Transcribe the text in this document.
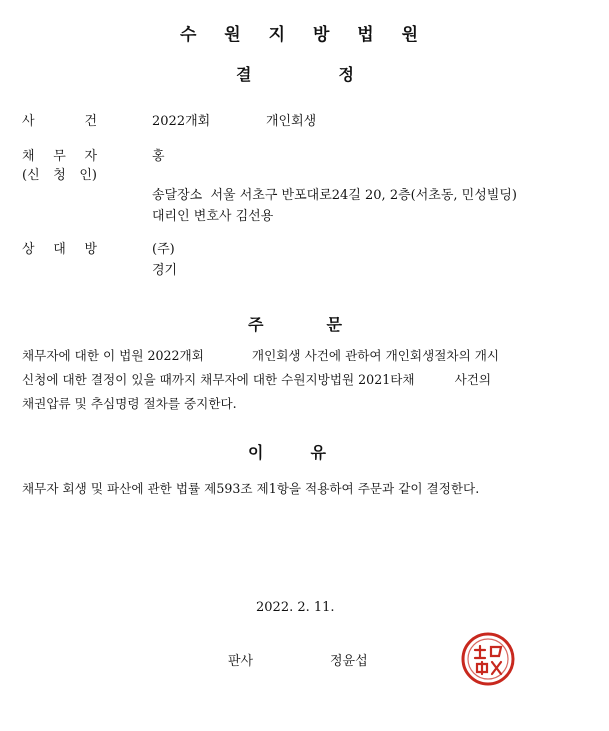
수 원 지 방 법 원
결	정
사	건	2022개회	개인회생
채 무 자
(신 청 인)
홍
송달장소  서울 서초구 반포대로24길 20, 2층(서초동, 민성빌딩)
대리인 변호사 김선용
상 대 방	(주)
경기
주	문
채무자에 대한 이 법원 2022개회            개인회생 사건에 관하여 개인회생절차의 개시
신청에 대한 결정이 있을 때까지 채무자에 대한 수원지방법원 2021타채          사건의
채권압류 및 추심명령 절차를 중지한다.
이	유
채무자 회생 및 파산에 관한 법률 제593조 제1항을 적용하여 주문과 같이 결정한다.
2022. 2. 11.
판사	정윤섭
